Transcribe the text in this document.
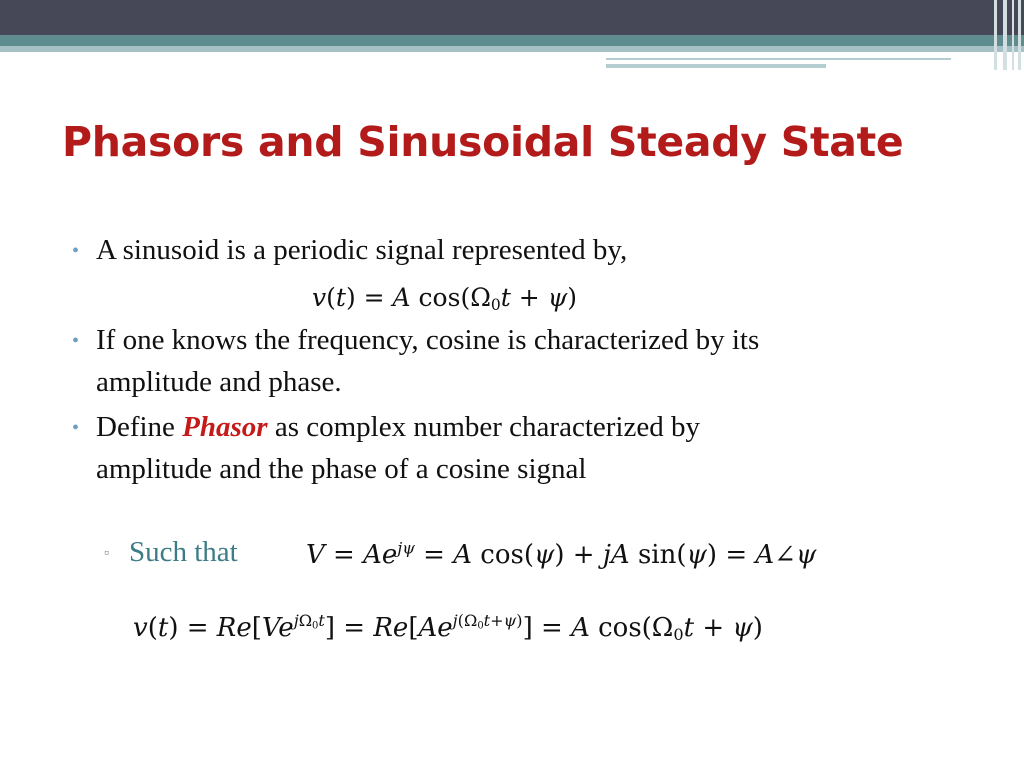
Phasors and Sinusoidal Steady State
• A sinusoid is a periodic signal represented by,
v(t) = A $\cos(\Omega_0t + \psi)$
• If one knows the frequency, cosine is characterized by its
amplitude and phase.
• Define Phasor as complex number characterized by
amplitude and the phase of a cosine signal
▫ Such that	$V = Ae^{j\psi} = A$ cos(ψ) + jA sin(ψ) = A∠ψ
$v(t) = Re[Ve^{j\Omega_0t}] = Re[Ae^{j(\Omega_0t+\psi)}] = A$ $\cos(\Omega_0t + \psi)$
